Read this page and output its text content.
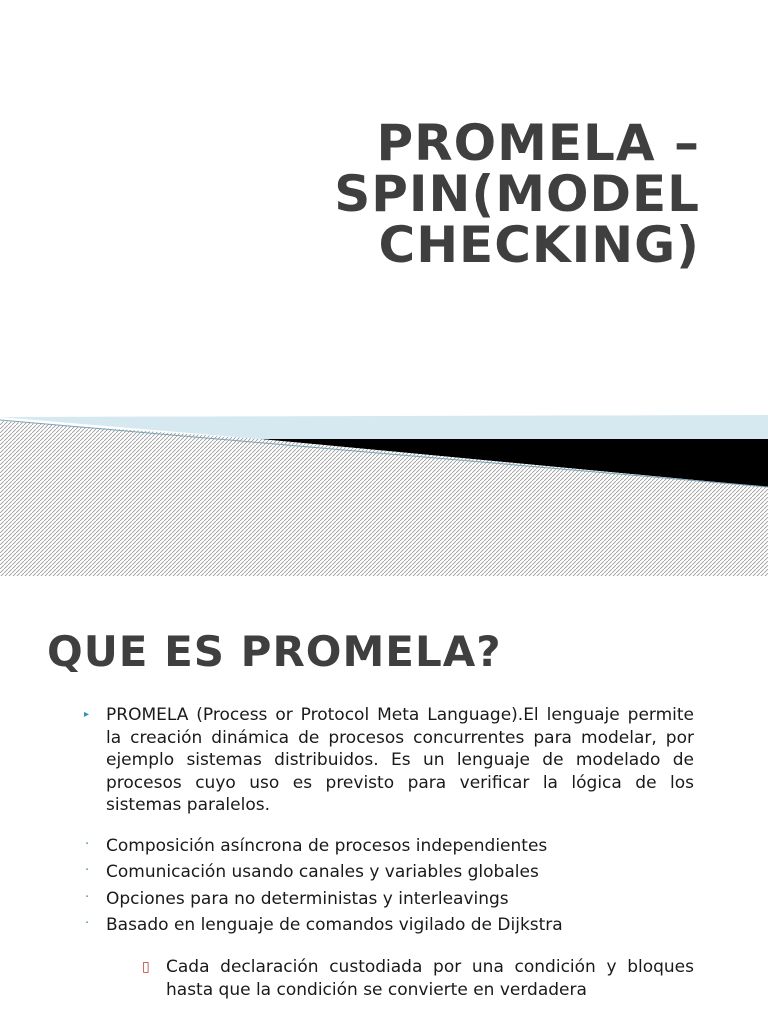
PROMELA –
SPIN(MODEL
CHECKING)
QUE ES PROMELA?
▸ PROMELA (Process or Protocol Meta Language).El lenguaje permite la creación dinámica de procesos concurrentes para modelar, por ejemplo sistemas distribuidos. Es un lenguaje de modelado de procesos cuyo uso es previsto para verificar la lógica de los sistemas paralelos.
· Composición asíncrona de procesos independientes
· Comunicación usando canales y variables globales
· Opciones para no deterministas y interleavings
· Basado en lenguaje de comandos vigilado de Dijkstra
▯ Cada declaración custodiada por una condición y bloques hasta que la condición se convierte en verdadera
